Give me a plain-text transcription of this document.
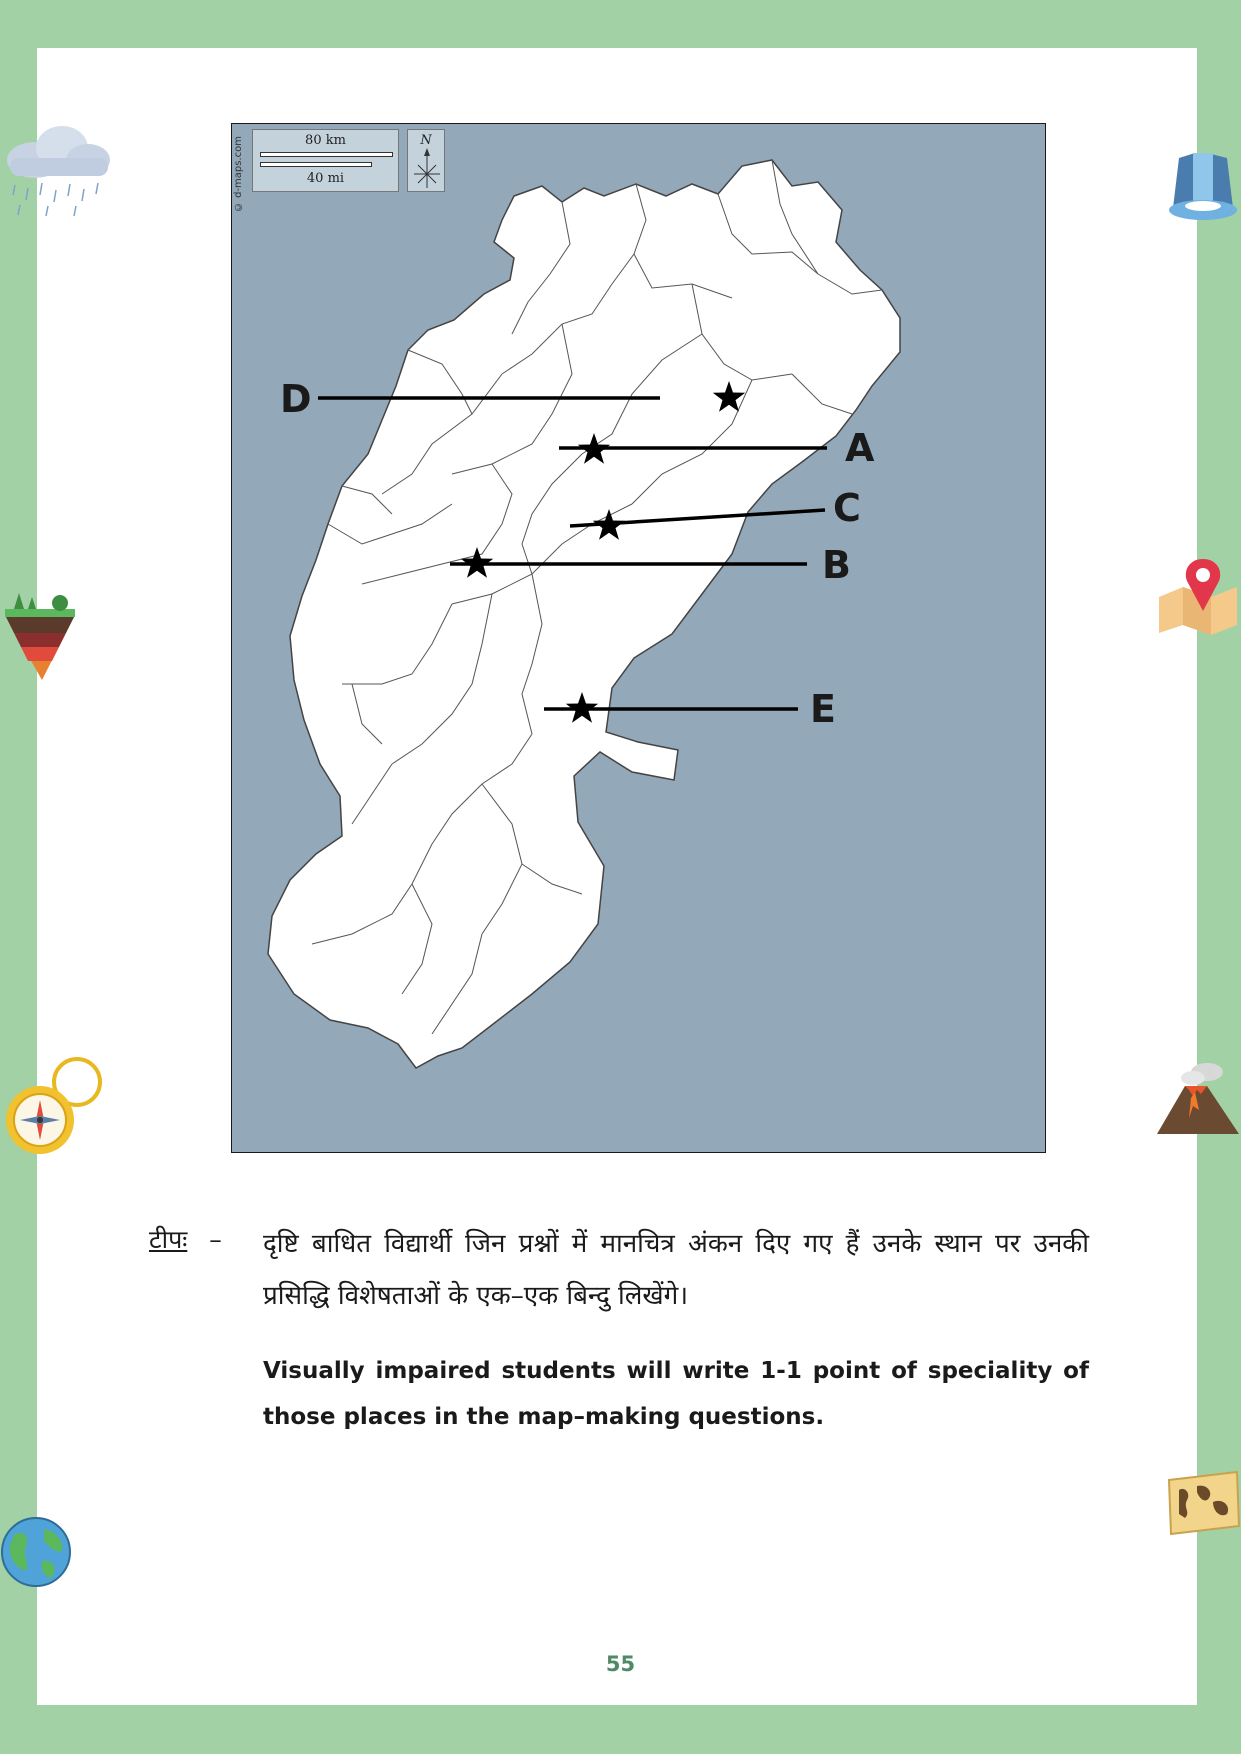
© d-maps.com	80 km
40 mi
N
D
A
C
B
E
टीपः – दृष्टि बाधित विद्यार्थी जिन प्रश्नों में मानचित्र अंकन दिए गए हैं उनके स्थान पर उनकी प्रसिद्धि विशेषताओं के एक–एक बिन्दु लिखेंगे।
Visually impaired students will write 1-1 point of speciality of those places in the map–making questions.
55
